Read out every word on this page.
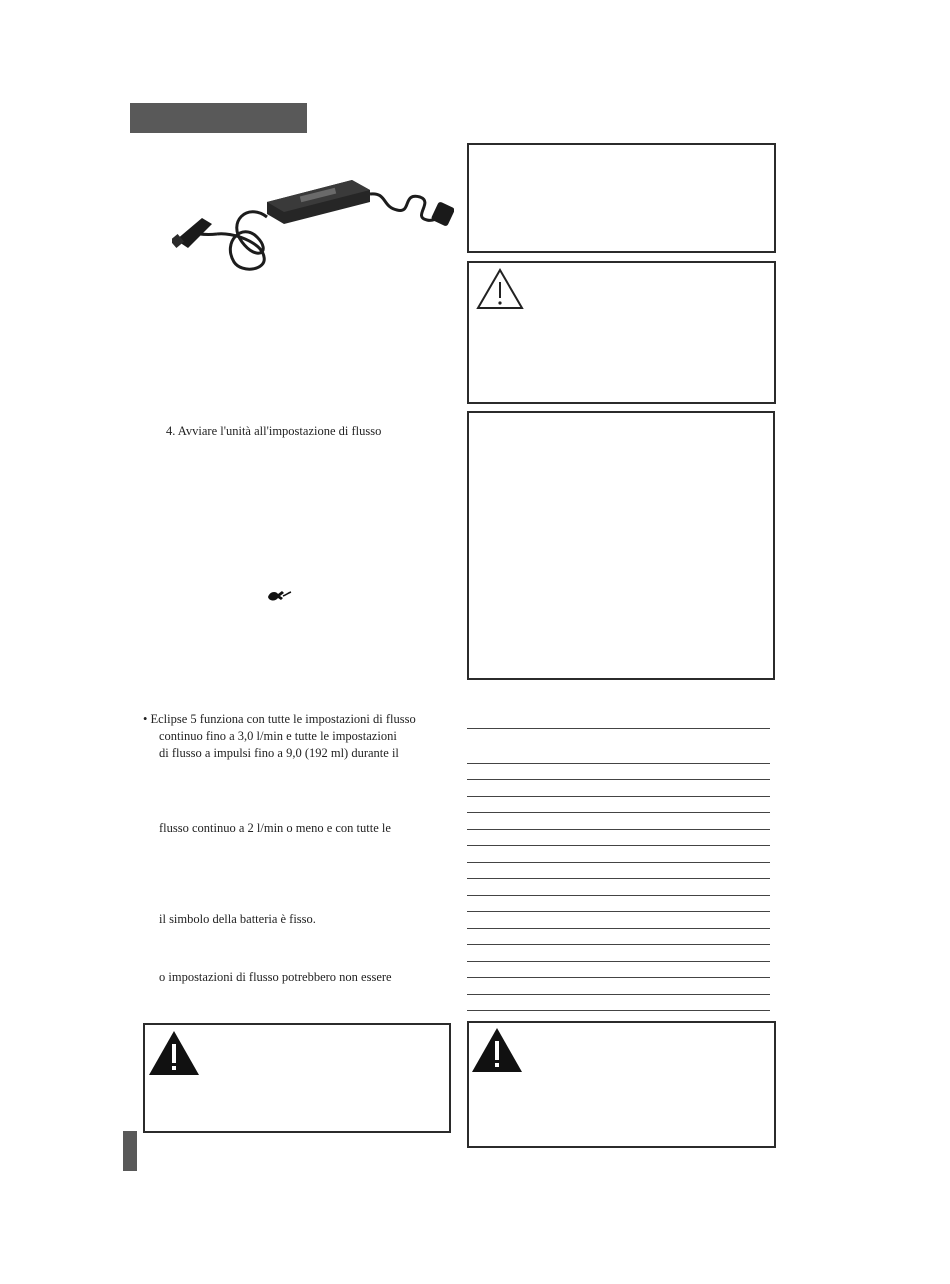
4. Avviare l'unità all'impostazione di flusso
• Eclipse 5 funziona con tutte le impostazioni di flusso
continuo fino a 3,0 l/min e tutte le impostazioni
di flusso a impulsi fino a 9,0 (192 ml) durante il
flusso continuo a 2 l/min o meno e con tutte le
il simbolo della batteria è fisso.
o impostazioni di flusso potrebbero non essere
